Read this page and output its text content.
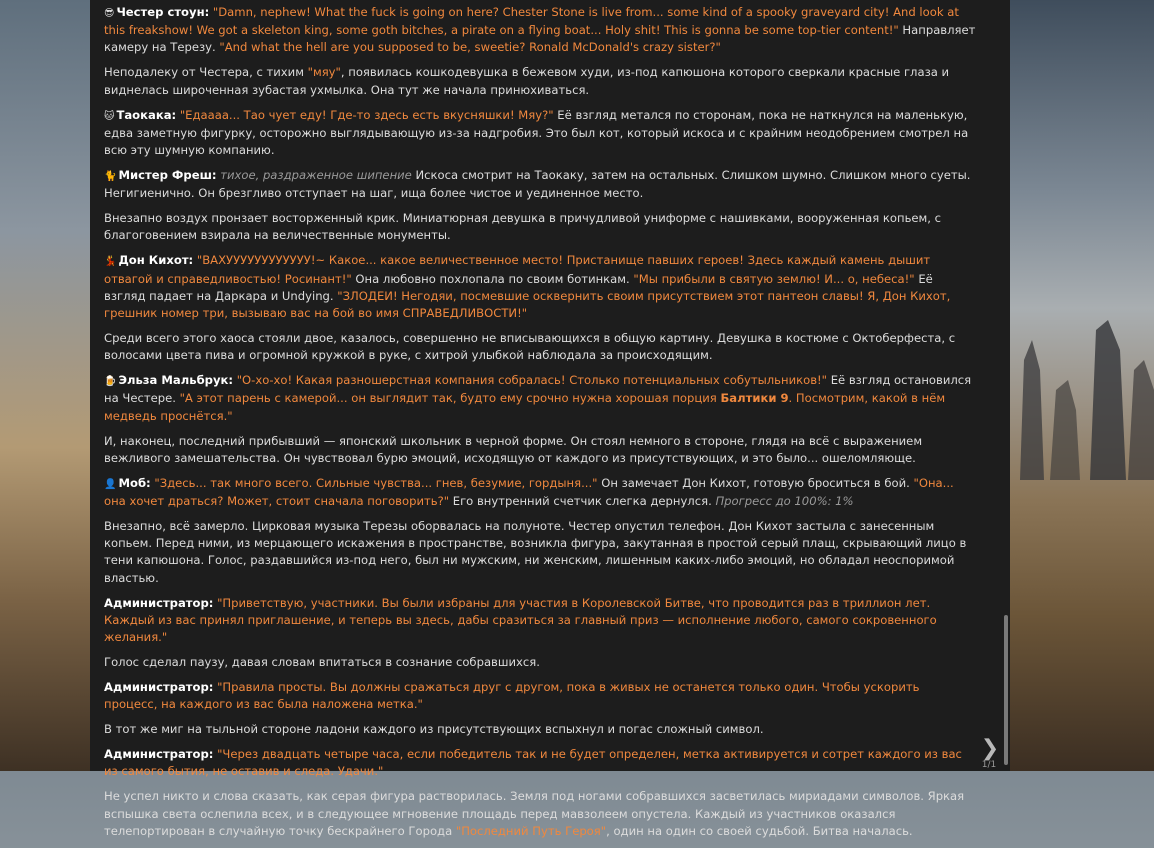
😎 Честер стоун: "Damn, nephew! What the fuck is going on here? Chester Stone is live from... some kind of a spooky graveyard city! And look at this freakshow! We got a skeleton king, some goth bitches, a pirate on a flying boat... Holy shit! This is gonna be some top-tier content!" Направляет камеру на Терезу. "And what the hell are you supposed to be, sweetie? Ronald McDonald's crazy sister?"

Неподалеку от Честера, с тихим "мяу", появилась кошкодевушка в бежевом худи, из-под капюшона которого сверкали красные глаза и виднелась широченная зубастая ухмылка. Она тут же начала принюхиваться.

🐱 Таокака: "Едаааа... Тао чует еду! Где-то здесь есть вкусняшки! Мяу?" Её взгляд метался по сторонам, пока не наткнулся на маленькую, едва заметную фигурку, осторожно выглядывающую из-за надгробия. Это был кот, который искоса и с крайним неодобрением смотрел на всю эту шумную компанию.

🐈 Мистер Фреш: тихое, раздраженное шипение Искоса смотрит на Таокаку, затем на остальных. Слишком шумно. Слишком много суеты. Негигиенично. Он брезгливо отступает на шаг, ища более чистое и уединенное место.

Внезапно воздух пронзает восторженный крик. Миниатюрная девушка в причудливой униформе с нашивками, вооруженная копьем, с благоговением взирала на величественные монументы.

💃 Дон Кихот: "ВАХУУУУУУУУУУУУ!~ Какое... какое величественное место! Пристанище павших героев! Здесь каждый камень дышит отвагой и справедливостью! Росинант!" Она любовно похлопала по своим ботинкам. "Мы прибыли в святую землю! И... о, небеса!" Её взгляд падает на Даркара и Undying. "ЗЛОДЕИ! Негодяи, посмевшие осквернить своим присутствием этот пантеон славы! Я, Дон Кихот, грешник номер три, вызываю вас на бой во имя СПРАВЕДЛИВОСТИ!"

Среди всего этого хаоса стояли двое, казалось, совершенно не вписывающихся в общую картину. Девушка в костюме с Октоберфеста, с волосами цвета пива и огромной кружкой в руке, с хитрой улыбкой наблюдала за происходящим.

🍺 Эльза Мальбрук: "О-хо-хо! Какая разношерстная компания собралась! Столько потенциальных собутыльников!" Её взгляд остановился на Честере. "А этот парень с камерой... он выглядит так, будто ему срочно нужна хорошая порция Балтики 9. Посмотрим, какой в нём медведь проснётся."

И, наконец, последний прибывший — японский школьник в черной форме. Он стоял немного в стороне, глядя на всё с выражением вежливого замешательства. Он чувствовал бурю эмоций, исходящую от каждого из присутствующих, и это было... ошеломляюще.

👤 Моб: "Здесь... так много всего. Сильные чувства... гнев, безумие, гордыня..." Он замечает Дон Кихот, готовую броситься в бой. "Она... она хочет драться? Может, стоит сначала поговорить?" Его внутренний счетчик слегка дернулся. Прогресс до 100%: 1%

Внезапно, всё замерло. Цирковая музыка Терезы оборвалась на полуноте. Честер опустил телефон. Дон Кихот застыла с занесенным копьем. Перед ними, из мерцающего искажения в пространстве, возникла фигура, закутанная в простой серый плащ, скрывающий лицо в тени капюшона. Голос, раздавшийся из-под него, был ни мужским, ни женским, лишенным каких-либо эмоций, но обладал неоспоримой властью.

Администратор: "Приветствую, участники. Вы были избраны для участия в Королевской Битве, что проводится раз в триллион лет. Каждый из вас принял приглашение, и теперь вы здесь, дабы сразиться за главный приз — исполнение любого, самого сокровенного желания."

Голос сделал паузу, давая словам впитаться в сознание собравшихся.

Администратор: "Правила просты. Вы должны сражаться друг с другом, пока в живых не останется только один. Чтобы ускорить процесс, на каждого из вас была наложена метка."

В тот же миг на тыльной стороне ладони каждого из присутствующих вспыхнул и погас сложный символ.

Администратор: "Через двадцать четыре часа, если победитель так и не будет определен, метка активируется и сотрет каждого из вас из самого бытия, не оставив и следа. Удачи."

Не успел никто и слова сказать, как серая фигура растворилась. Земля под ногами собравшихся засветилась мириадами символов. Яркая вспышка света ослепила всех, и в следующее мгновение площадь перед мавзолеем опустела. Каждый из участников оказался телепортирован в случайную точку бескрайнего Города "Последний Путь Героя", один на один со своей судьбой. Битва началась.

❯
1/1
